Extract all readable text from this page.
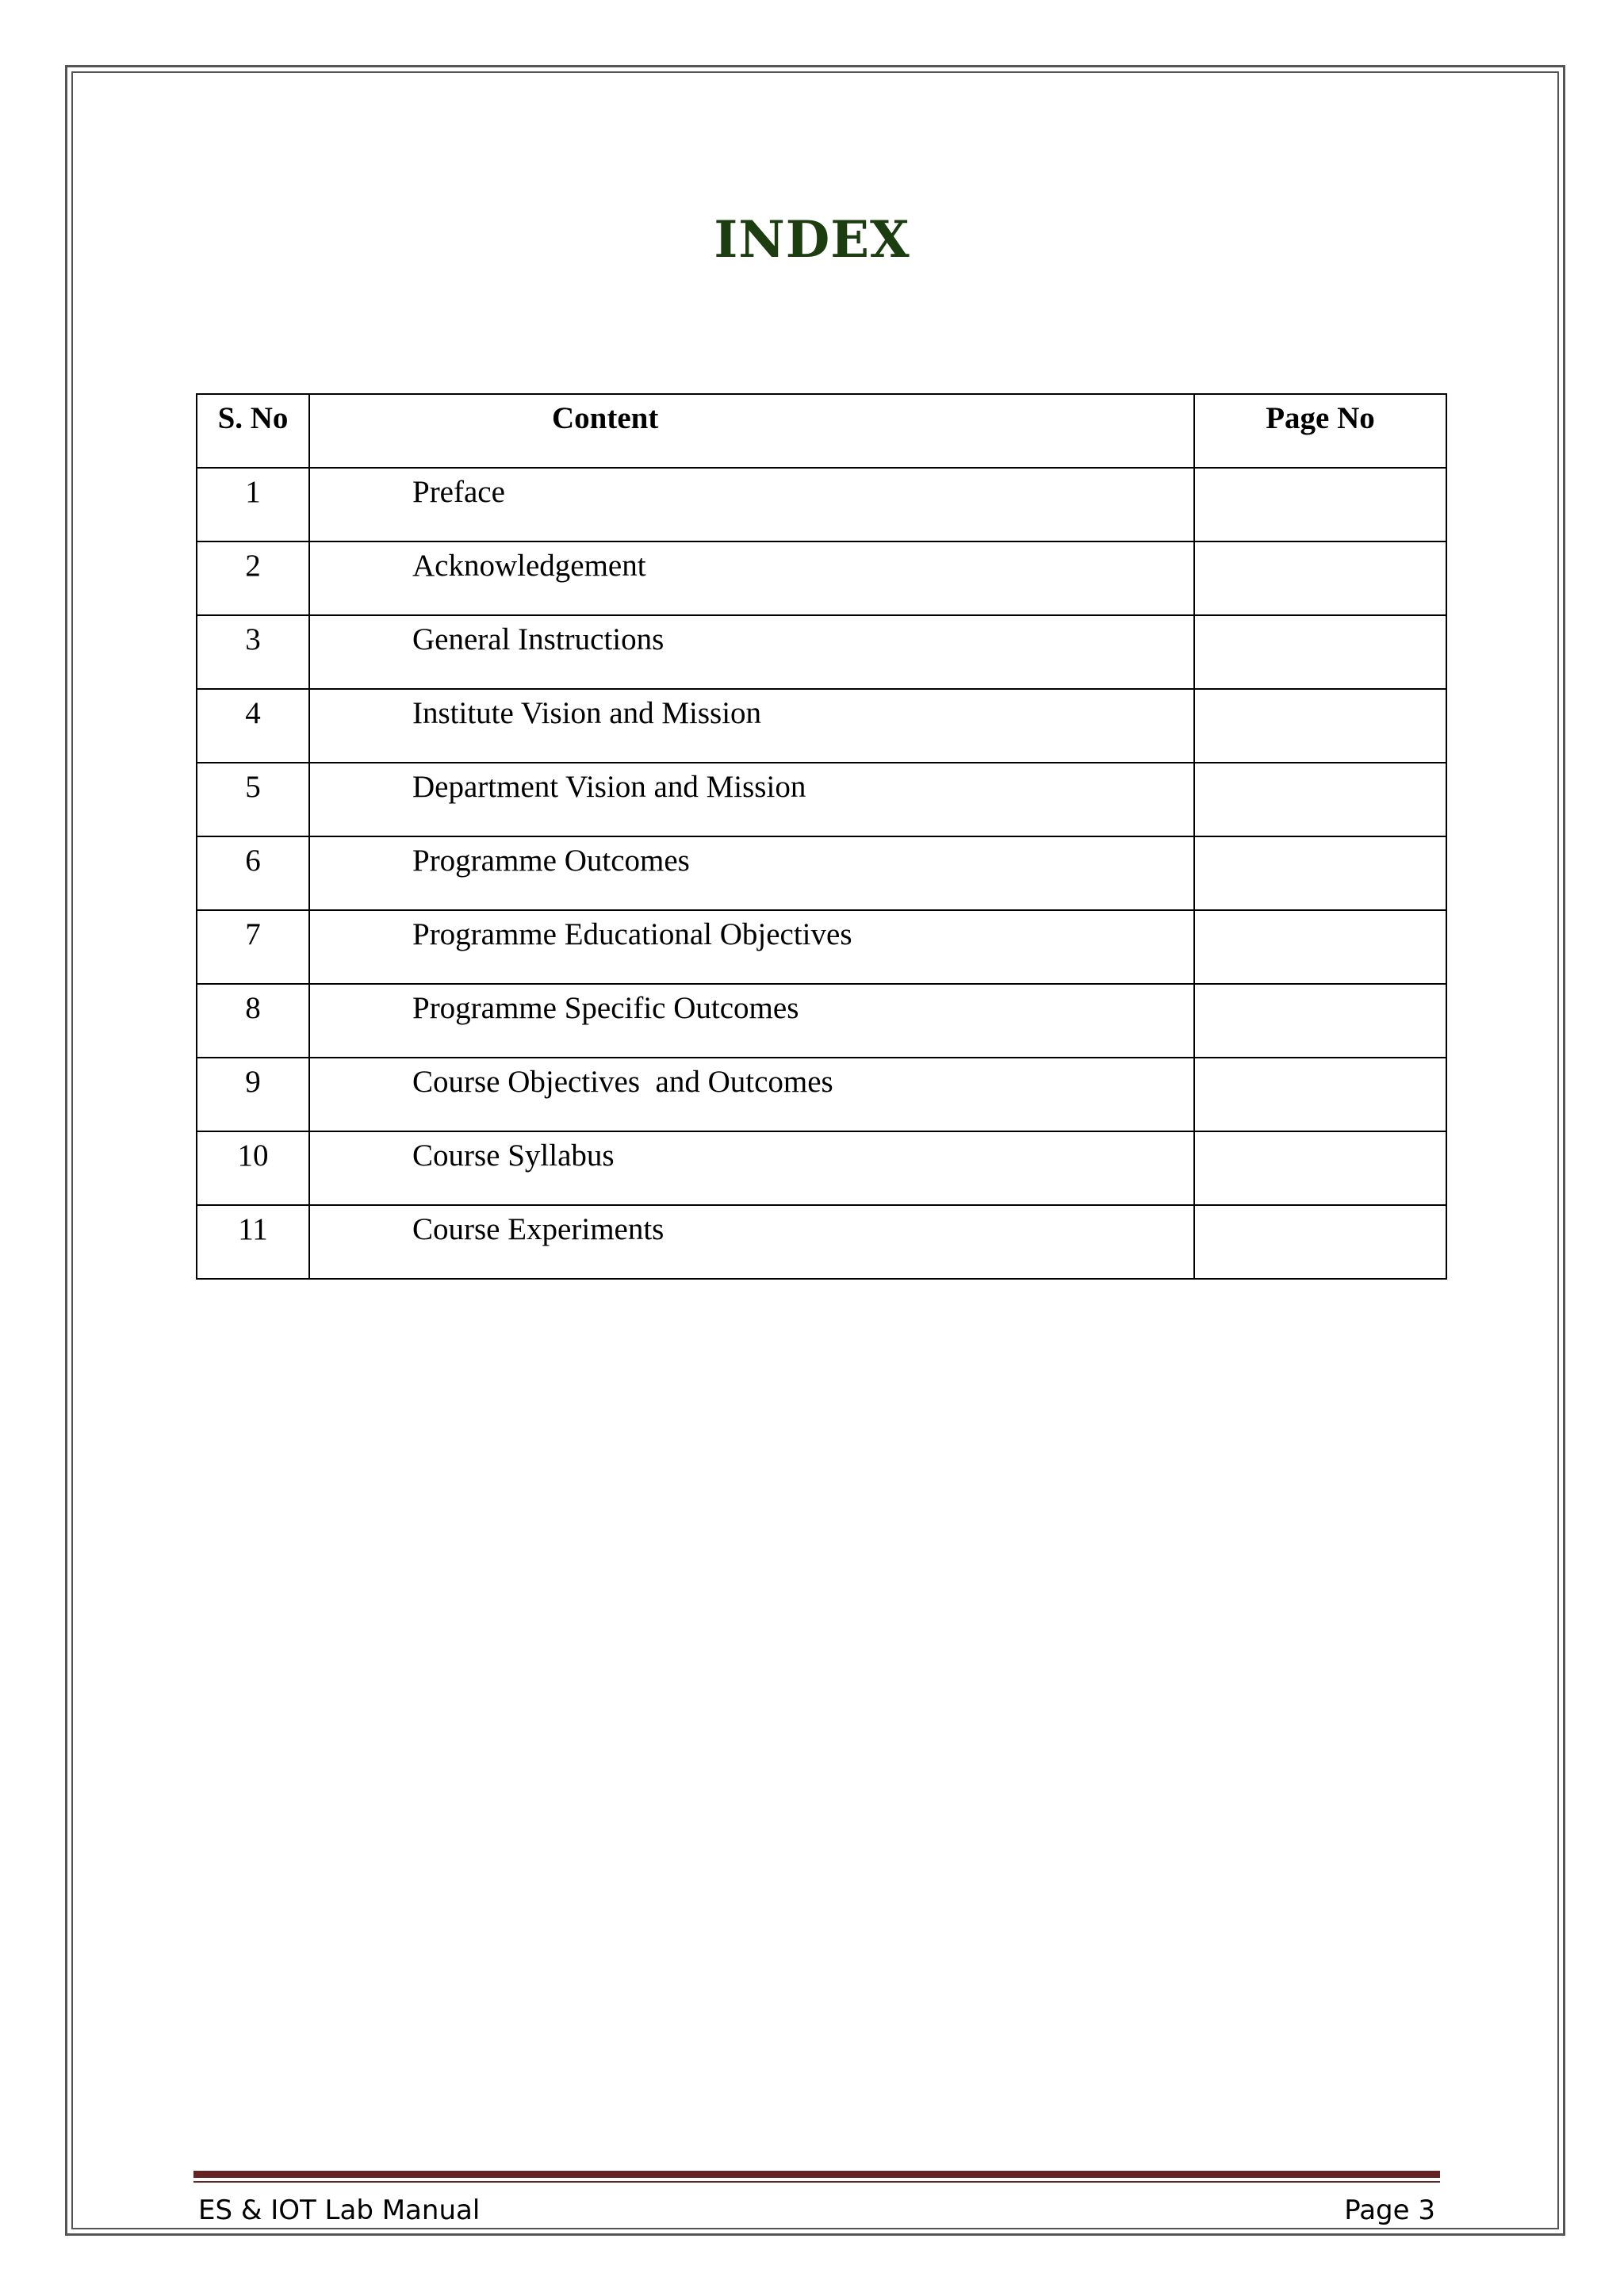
INDEX
S. No	Content	Page No
1	Preface	
2	Acknowledgement	
3	General Instructions	
4	Institute Vision and Mission	
5	Department Vision and Mission	
6	Programme Outcomes	
7	Programme Educational Objectives	
8	Programme Specific Outcomes	
9	Course Objectives  and Outcomes	
10	Course Syllabus	
11	Course Experiments	
ES & IOT Lab Manual	Page 3
